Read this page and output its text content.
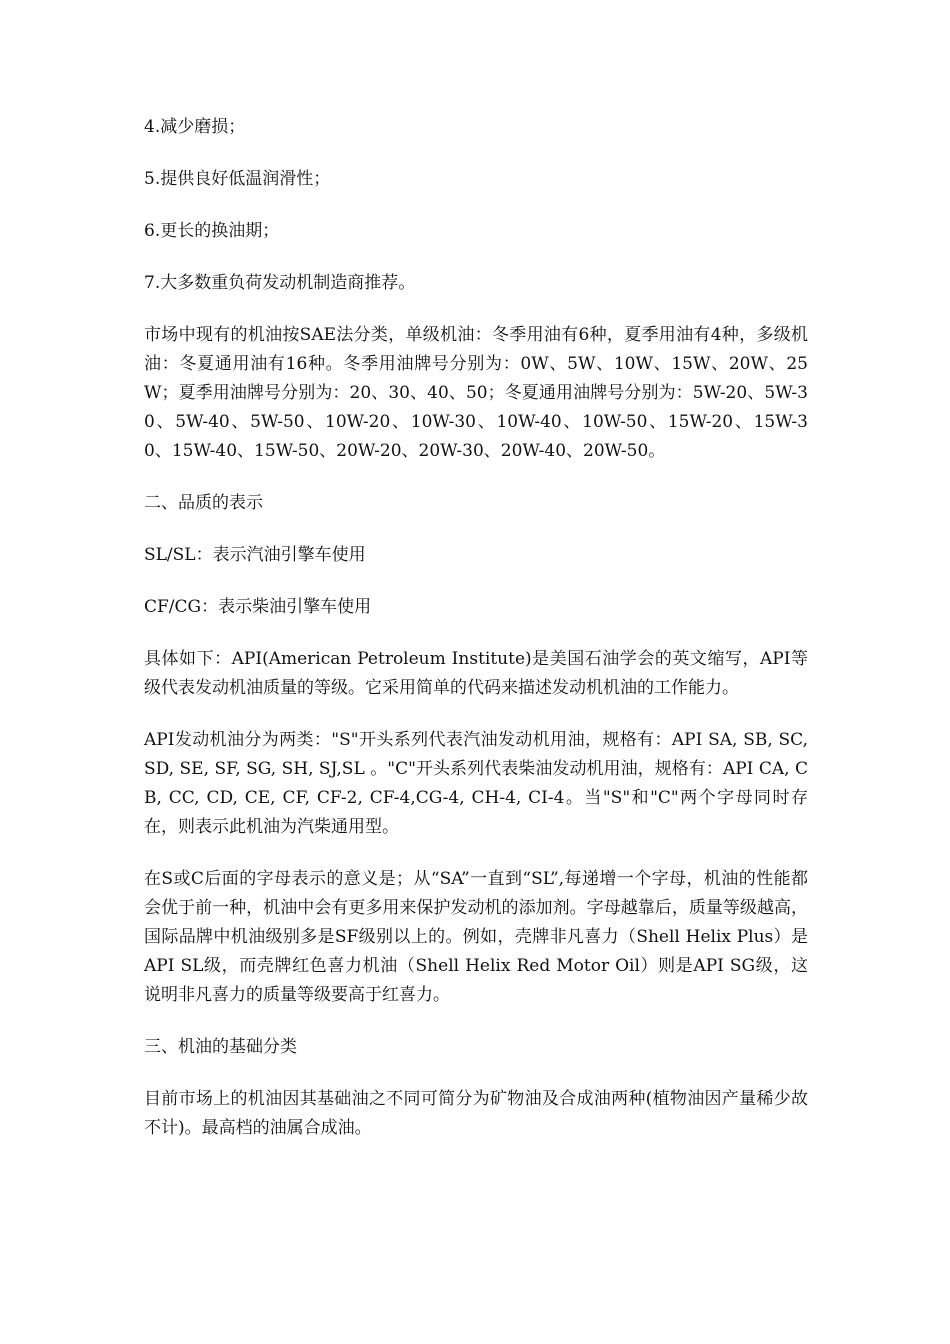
4.减少磨损；

5.提供良好低温润滑性；

6.更长的换油期；

7.大多数重负荷发动机制造商推荐。

市场中现有的机油按SAE法分类，单级机油：冬季用油有6种，夏季用油有4种，多级机油：冬夏通用油有16种。冬季用油牌号分别为：0W、5W、10W、15W、20W、25W；夏季用油牌号分别为：20、30、40、50；冬夏通用油牌号分别为：5W-20、5W-30、5W-40、5W-50、10W-20、10W-30、10W-40、10W-50、15W-20、15W-30、15W-40、15W-50、20W-20、20W-30、20W-40、20W-50。

二、品质的表示

SL/SL：表示汽油引擎车使用

CF/CG：表示柴油引擎车使用

具体如下：API(American Petroleum Institute)是美国石油学会的英文缩写，API等级代表发动机油质量的等级。它采用简单的代码来描述发动机机油的工作能力。

API发动机油分为两类："S"开头系列代表汽油发动机用油，规格有：API SA, SB, SC, SD, SE, SF, SG, SH, SJ,SL 。"C"开头系列代表柴油发动机用油，规格有：API CA, CB, CC, CD, CE, CF, CF-2, CF-4,CG-4, CH-4, CI-4。当"S"和"C"两个字母同时存在，则表示此机油为汽柴通用型。

在S或C后面的字母表示的意义是；从“SA”一直到“SL”,每递增一个字母，机油的性能都会优于前一种，机油中会有更多用来保护发动机的添加剂。字母越靠后，质量等级越高，国际品牌中机油级别多是SF级别以上的。例如，壳牌非凡喜力（Shell Helix Plus）是API SL级，而壳牌红色喜力机油（Shell Helix Red Motor Oil）则是API SG级，这说明非凡喜力的质量等级要高于红喜力。

三、机油的基础分类

目前市场上的机油因其基础油之不同可简分为矿物油及合成油两种(植物油因产量稀少故不计)。最高档的油属合成油。
